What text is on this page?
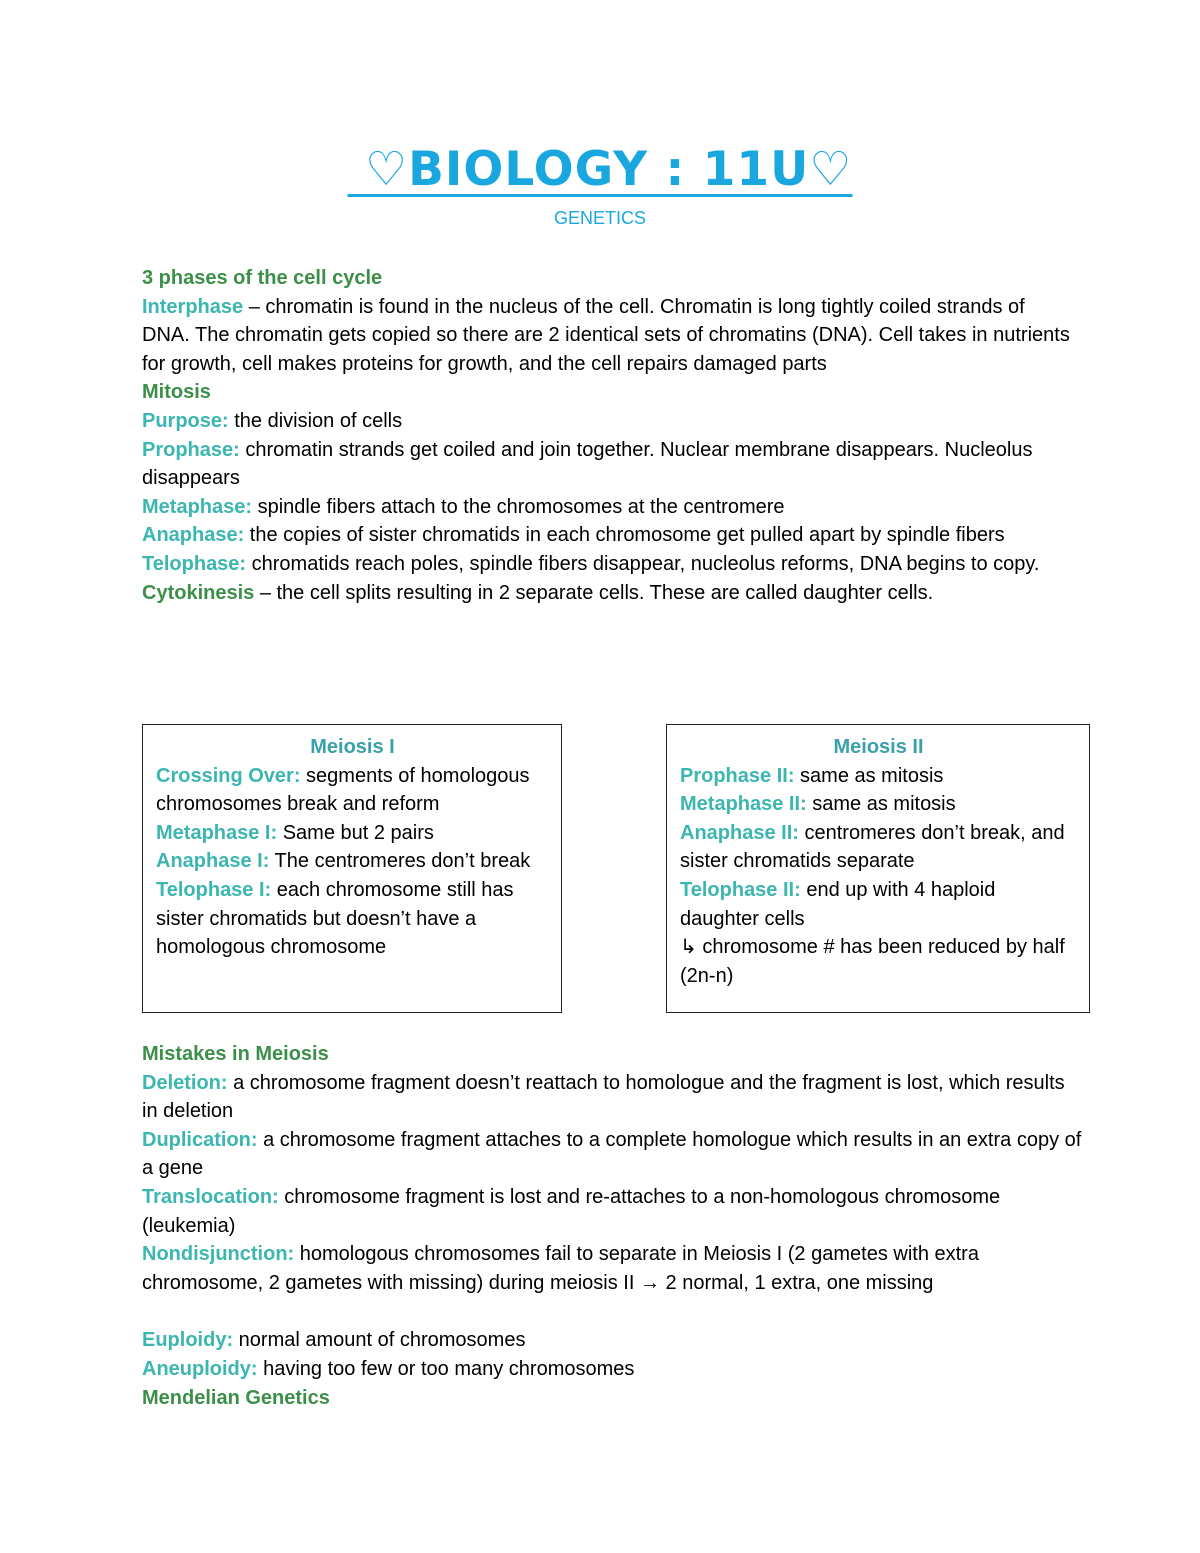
♡BIOLOGY : 11U♡
GENETICS

3 phases of the cell cycle

Interphase – chromatin is found in the nucleus of the cell. Chromatin is long tightly coiled strands of DNA. The chromatin gets copied so there are 2 identical sets of chromatins (DNA). Cell takes in nutrients for growth, cell makes proteins for growth, and the cell repairs damaged parts

Mitosis

Purpose: the division of cells

Prophase: chromatin strands get coiled and join together. Nuclear membrane disappears. Nucleolus disappears

Metaphase: spindle fibers attach to the chromosomes at the centromere

Anaphase: the copies of sister chromatids in each chromosome get pulled apart by spindle fibers

Telophase: chromatids reach poles, spindle fibers disappear, nucleolus reforms, DNA begins to copy.

Cytokinesis – the cell splits resulting in 2 separate cells. These are called daughter cells.

Meiosis I
Crossing Over: segments of homologous chromosomes break and reform
Metaphase I: Same but 2 pairs
Anaphase I: The centromeres don’t break
Telophase I: each chromosome still has sister chromatids but doesn’t have a homologous chromosome
Meiosis II
Prophase II: same as mitosis
Metaphase II: same as mitosis
Anaphase II: centromeres don’t break, and sister chromatids separate
Telophase II: end up with 4 haploid daughter cells
↳ chromosome # has been reduced by half (2n-n)

Mistakes in Meiosis

Deletion: a chromosome fragment doesn’t reattach to homologue and the fragment is lost, which results in deletion

Duplication: a chromosome fragment attaches to a complete homologue which results in an extra copy of a gene

Translocation: chromosome fragment is lost and re-attaches to a non-homologous chromosome (leukemia)

Nondisjunction: homologous chromosomes fail to separate in Meiosis I (2 gametes with extra chromosome, 2 gametes with missing) during meiosis II → 2 normal, 1 extra, one missing

Euploidy: normal amount of chromosomes

Aneuploidy: having too few or too many chromosomes

Mendelian Genetics
